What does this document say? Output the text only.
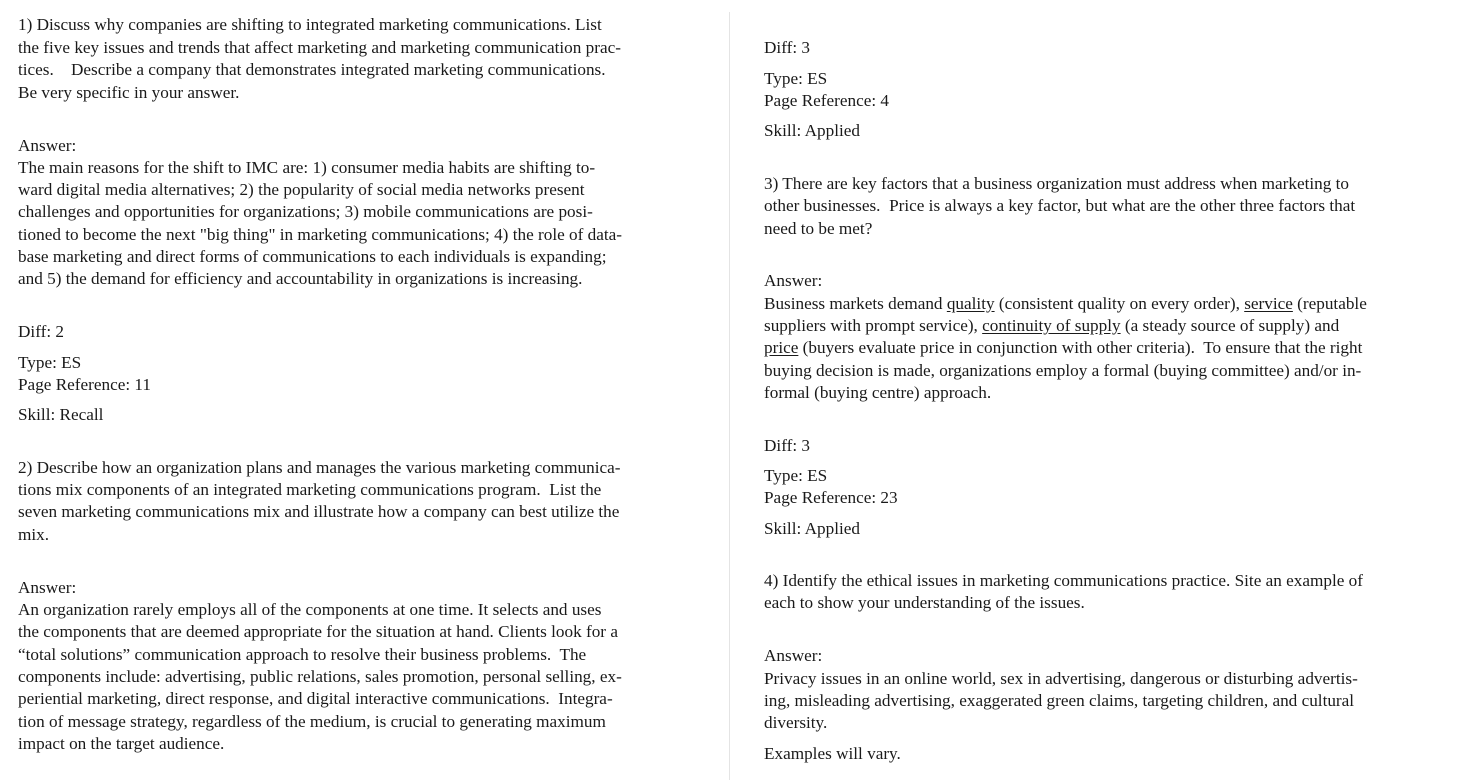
1) Discuss why companies are shifting to integrated marketing communications. List
the five key issues and trends that affect marketing and marketing communication prac-
tices.    Describe a company that demonstrates integrated marketing communications.
Be very specific in your answer.
Answer:
The main reasons for the shift to IMC are: 1) consumer media habits are shifting to-
ward digital media alternatives; 2) the popularity of social media networks present
challenges and opportunities for organizations; 3) mobile communications are posi-
tioned to become the next "big thing" in marketing communications; 4) the role of data-
base marketing and direct forms of communications to each individuals is expanding;
and 5) the demand for efficiency and accountability in organizations is increasing.
Diff: 2
Type: ES
Page Reference: 11
Skill: Recall
2) Describe how an organization plans and manages the various marketing communica-
tions mix components of an integrated marketing communications program.  List the
seven marketing communications mix and illustrate how a company can best utilize the
mix.
Answer:
An organization rarely employs all of the components at one time. It selects and uses
the components that are deemed appropriate for the situation at hand. Clients look for a
“total solutions” communication approach to resolve their business problems.  The
components include: advertising, public relations, sales promotion, personal selling, ex-
periential marketing, direct response, and digital interactive communications.  Integra-
tion of message strategy, regardless of the medium, is crucial to generating maximum
impact on the target audience.
Diff: 3
Type: ES
Page Reference: 4
Skill: Applied
3) There are key factors that a business organization must address when marketing to
other businesses.  Price is always a key factor, but what are the other three factors that
need to be met?
Answer:
Business markets demand quality (consistent quality on every order), service (reputable
suppliers with prompt service), continuity of supply (a steady source of supply) and
price (buyers evaluate price in conjunction with other criteria).  To ensure that the right
buying decision is made, organizations employ a formal (buying committee) and/or in-
formal (buying centre) approach.
Diff: 3
Type: ES
Page Reference: 23
Skill: Applied
4) Identify the ethical issues in marketing communications practice. Site an example of
each to show your understanding of the issues.
Answer:
Privacy issues in an online world, sex in advertising, dangerous or disturbing advertis-
ing, misleading advertising, exaggerated green claims, targeting children, and cultural
diversity.
Examples will vary.
